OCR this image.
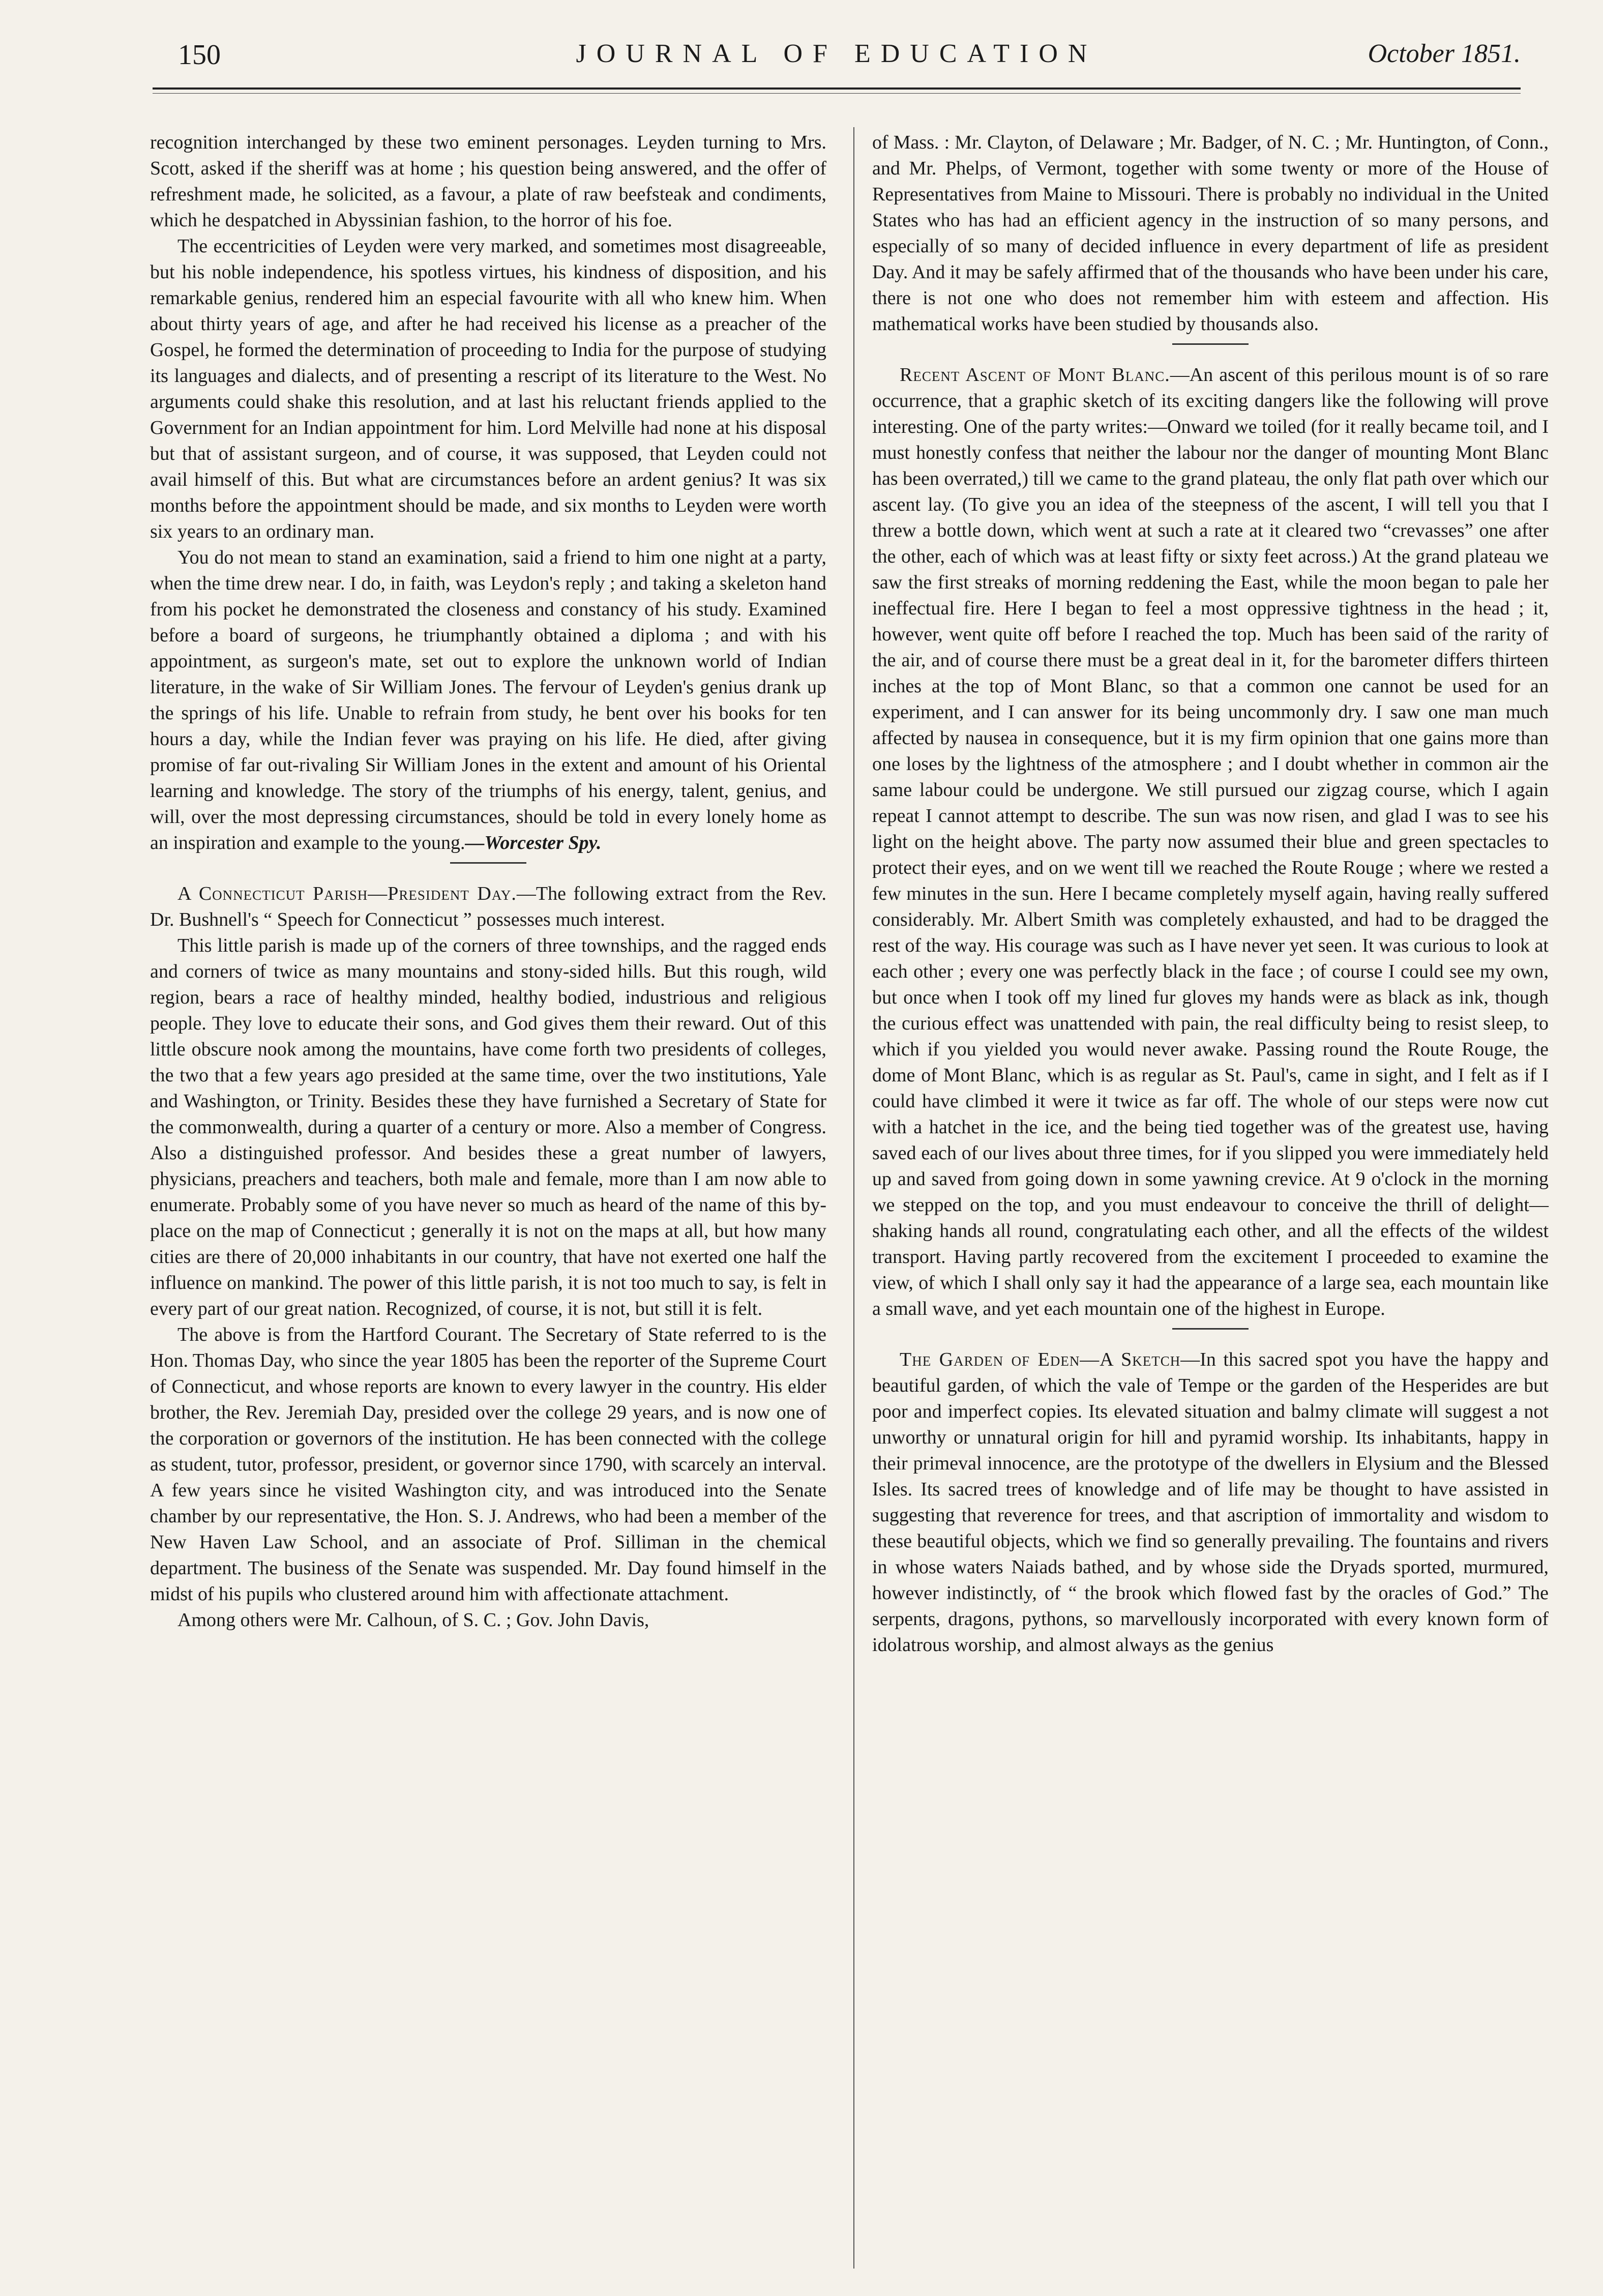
150	JOURNAL OF EDUCATION	October 1851.

recognition interchanged by these two eminent personages. Leyden turning to Mrs. Scott, asked if the sheriff was at home ; his question being answered, and the offer of refreshment made, he solicited, as a favour, a plate of raw beefsteak and condiments, which he despatched in Abyssinian fashion, to the horror of his foe.

The eccentricities of Leyden were very marked, and sometimes most disagreeable, but his noble independence, his spotless virtues, his kindness of disposition, and his remarkable genius, rendered him an especial favourite with all who knew him. When about thirty years of age, and after he had received his license as a preacher of the Gospel, he formed the determination of proceeding to India for the purpose of studying its languages and dialects, and of presenting a rescript of its literature to the West. No arguments could shake this resolution, and at last his reluctant friends applied to the Government for an Indian appointment for him. Lord Melville had none at his disposal but that of assistant surgeon, and of course, it was supposed, that Leyden could not avail himself of this. But what are circumstances before an ardent genius? It was six months before the appointment should be made, and six months to Leyden were worth six years to an ordinary man.

You do not mean to stand an examination, said a friend to him one night at a party, when the time drew near. I do, in faith, was Leydon's reply ; and taking a skeleton hand from his pocket he demonstrated the closeness and constancy of his study. Examined before a board of surgeons, he triumphantly obtained a diploma ; and with his appointment, as surgeon's mate, set out to explore the unknown world of Indian literature, in the wake of Sir William Jones. The fervour of Leyden's genius drank up the springs of his life. Unable to refrain from study, he bent over his books for ten hours a day, while the Indian fever was praying on his life. He died, after giving promise of far out-rivaling Sir William Jones in the extent and amount of his Oriental learning and knowledge. The story of the triumphs of his energy, talent, genius, and will, over the most depressing circumstances, should be told in every lonely home as an inspiration and example to the young.—Worcester Spy.

A Connecticut Parish—President Day.—The following extract from the Rev. Dr. Bushnell's “ Speech for Connecticut ” possesses much interest.

This little parish is made up of the corners of three townships, and the ragged ends and corners of twice as many mountains and stony-sided hills. But this rough, wild region, bears a race of healthy minded, healthy bodied, industrious and religious people. They love to educate their sons, and God gives them their reward. Out of this little obscure nook among the mountains, have come forth two presidents of colleges, the two that a few years ago presided at the same time, over the two institutions, Yale and Washington, or Trinity. Besides these they have furnished a Secretary of State for the commonwealth, during a quarter of a century or more. Also a member of Congress. Also a distinguished professor. And besides these a great number of lawyers, physicians, preachers and teachers, both male and female, more than I am now able to enumerate. Probably some of you have never so much as heard of the name of this by-place on the map of Connecticut ; generally it is not on the maps at all, but how many cities are there of 20,000 inhabitants in our country, that have not exerted one half the influence on mankind. The power of this little parish, it is not too much to say, is felt in every part of our great nation. Recognized, of course, it is not, but still it is felt.

The above is from the Hartford Courant. The Secretary of State referred to is the Hon. Thomas Day, who since the year 1805 has been the reporter of the Supreme Court of Connecticut, and whose reports are known to every lawyer in the country. His elder brother, the Rev. Jeremiah Day, presided over the college 29 years, and is now one of the corporation or governors of the institution. He has been connected with the college as student, tutor, professor, president, or governor since 1790, with scarcely an interval. A few years since he visited Washington city, and was introduced into the Senate chamber by our representative, the Hon. S. J. Andrews, who had been a member of the New Haven Law School, and an associate of Prof. Silliman in the chemical department. The business of the Senate was suspended. Mr. Day found himself in the midst of his pupils who clustered around him with affectionate attachment.

Among others were Mr. Calhoun, of S. C. ; Gov. John Davis,

of Mass. : Mr. Clayton, of Delaware ; Mr. Badger, of N. C. ; Mr. Huntington, of Conn., and Mr. Phelps, of Vermont, together with some twenty or more of the House of Representatives from Maine to Missouri. There is probably no individual in the United States who has had an efficient agency in the instruction of so many persons, and especially of so many of decided influence in every department of life as president Day. And it may be safely affirmed that of the thousands who have been under his care, there is not one who does not remember him with esteem and affection. His mathematical works have been studied by thousands also.

Recent Ascent of Mont Blanc.—An ascent of this perilous mount is of so rare occurrence, that a graphic sketch of its exciting dangers like the following will prove interesting. One of the party writes:—Onward we toiled (for it really became toil, and I must honestly confess that neither the labour nor the danger of mounting Mont Blanc has been overrated,) till we came to the grand plateau, the only flat path over which our ascent lay. (To give you an idea of the steepness of the ascent, I will tell you that I threw a bottle down, which went at such a rate at it cleared two “crevasses” one after the other, each of which was at least fifty or sixty feet across.) At the grand plateau we saw the first streaks of morning reddening the East, while the moon began to pale her ineffectual fire. Here I began to feel a most oppressive tightness in the head ; it, however, went quite off before I reached the top. Much has been said of the rarity of the air, and of course there must be a great deal in it, for the barometer differs thirteen inches at the top of Mont Blanc, so that a common one cannot be used for an experiment, and I can answer for its being uncommonly dry. I saw one man much affected by nausea in consequence, but it is my firm opinion that one gains more than one loses by the lightness of the atmosphere ; and I doubt whether in common air the same labour could be undergone. We still pursued our zigzag course, which I again repeat I cannot attempt to describe. The sun was now risen, and glad I was to see his light on the height above. The party now assumed their blue and green spectacles to protect their eyes, and on we went till we reached the Route Rouge ; where we rested a few minutes in the sun. Here I became completely myself again, having really suffered considerably. Mr. Albert Smith was completely exhausted, and had to be dragged the rest of the way. His courage was such as I have never yet seen. It was curious to look at each other ; every one was perfectly black in the face ; of course I could see my own, but once when I took off my lined fur gloves my hands were as black as ink, though the curious effect was unattended with pain, the real difficulty being to resist sleep, to which if you yielded you would never awake. Passing round the Route Rouge, the dome of Mont Blanc, which is as regular as St. Paul's, came in sight, and I felt as if I could have climbed it were it twice as far off. The whole of our steps were now cut with a hatchet in the ice, and the being tied together was of the greatest use, having saved each of our lives about three times, for if you slipped you were immediately held up and saved from going down in some yawning crevice. At 9 o'clock in the morning we stepped on the top, and you must endeavour to conceive the thrill of delight—shaking hands all round, congratulating each other, and all the effects of the wildest transport. Having partly recovered from the excitement I proceeded to examine the view, of which I shall only say it had the appearance of a large sea, each mountain like a small wave, and yet each mountain one of the highest in Europe.

The Garden of Eden—A Sketch—In this sacred spot you have the happy and beautiful garden, of which the vale of Tempe or the garden of the Hesperides are but poor and imperfect copies. Its elevated situation and balmy climate will suggest a not unworthy or unnatural origin for hill and pyramid worship. Its inhabitants, happy in their primeval innocence, are the prototype of the dwellers in Elysium and the Blessed Isles. Its sacred trees of knowledge and of life may be thought to have assisted in suggesting that reverence for trees, and that ascription of immortality and wisdom to these beautiful objects, which we find so generally prevailing. The fountains and rivers in whose waters Naiads bathed, and by whose side the Dryads sported, murmured, however indistinctly, of “ the brook which flowed fast by the oracles of God.” The serpents, dragons, pythons, so marvellously incorporated with every known form of idolatrous worship, and almost always as the genius
